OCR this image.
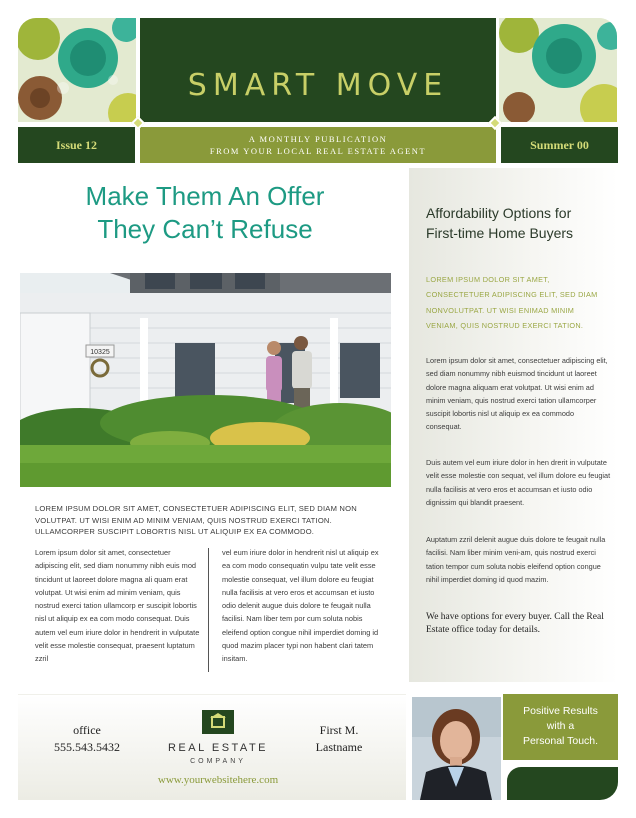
SMART MOVE
Issue 12	A MONTHLY PUBLICATION
FROM YOUR LOCAL REAL ESTATE AGENT	Summer 00
Make Them An Offer
They Can’t Refuse
10325
LOREM IPSUM DOLOR SIT AMET, CONSECTETUER ADIPISCING ELIT, SED DIAM NON VOLUTPAT. UT WISI ENIM AD MINIM VENIAM, QUIS NOSTRUD EXERCI TATION. ULLAMCORPER SUSCIPIT LOBORTIS NISL UT ALIQUIP EX EA COMMODO.
Lorem ipsum dolor sit amet, consectetuer adipiscing elit, sed diam nonummy nibh euis mod tincidunt ut laoreet dolore magna ali quam erat volutpat. Ut wisi enim ad minim veniam, quis nostrud exerci tation ullamcorp er suscipit lobortis nisl ut aliquip ex ea com modo consequat. Duis autem vel eum iriure dolor in hendrerit in vulputate velit esse molestie consequat, praesent luptatum zzril
vel eum iriure dolor in hendrerit nisl ut aliquip ex ea com modo consequatin vulpu tate velit esse molestie consequat, vel illum dolore eu feugiat nulla facilisis at vero eros et accumsan et iusto odio delenit augue duis dolore te feugait nulla facilisi. Nam liber tem por cum soluta nobis eleifend option congue nihil imperdiet doming id quod mazim placer typi non habent clari tatem insitam.
Affordability Options for First-time Home Buyers
LOREM IPSUM DOLOR SIT AMET, CONSECTETUER ADIPISCING ELIT, SED DIAM NONVOLUTPAT. UT WISI ENIMAD MINIM VENIAM, QUIS NOSTRUD EXERCI TATION.
Lorem ipsum dolor sit amet, consectetuer adipiscing elit, sed diam nonummy nibh euismod tincidunt ut laoreet dolore magna aliquam erat volutpat. Ut wisi enim ad minim veniam, quis nostrud exerci tation ullamcorper suscipit lobortis nisl ut aliquip ex ea commodo consequat.
Duis autem vel eum iriure dolor in hen drerit in vulputate velit esse molestie con sequat, vel illum dolore eu feugiat nulla facilisis at vero eros et accumsan et iusto odio dignissim qui blandit praesent.
Auptatum zzril delenit augue duis dolore te feugait nulla facilisi. Nam liber minim veni-am, quis nostrud exerci tation tempor cum soluta nobis eleifend option congue nihil imperdiet doming id quod mazim.
We have options for every buyer. Call the Real Estate office today for details.
office
555.543.5432	REAL ESTATE
COMPANY
www.yourwebsitehere.com
First M.
Lastname
Positive Results
with a
Personal Touch.
